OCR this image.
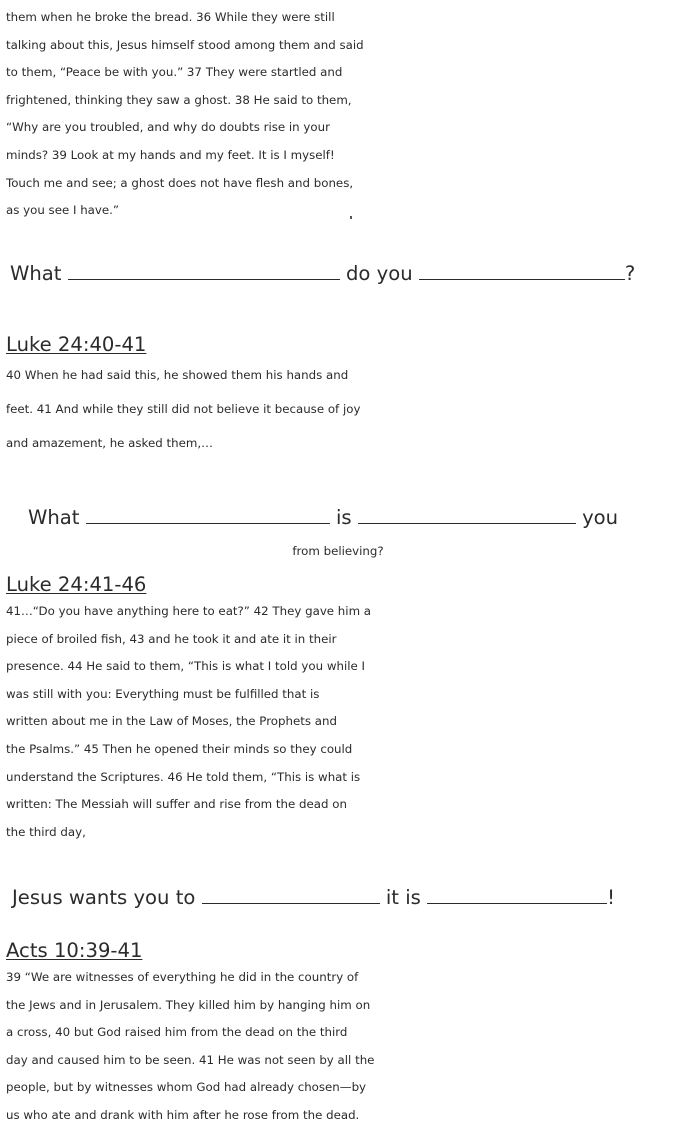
them when he broke the bread. 36 While they were still

talking about this, Jesus himself stood among them and said

to them, “Peace be with you.” 37 They were startled and

frightened, thinking they saw a ghost. 38 He said to them,

“Why are you troubled, and why do doubts rise in your

minds? 39 Look at my hands and my feet. It is I myself!

Touch me and see; a ghost does not have flesh and bones,

as you see I have.”

What	do you	?

Luke 24:40-41

40 When he had said this, he showed them his hands and

feet. 41 And while they still did not believe it because of joy

and amazement, he asked them,…

What	is	you
from believing?

Luke 24:41-46

41…“Do you have anything here to eat?” 42 They gave him a

piece of broiled fish, 43 and he took it and ate it in their

presence. 44 He said to them, “This is what I told you while I

was still with you: Everything must be fulfilled that is

written about me in the Law of Moses, the Prophets and

the Psalms.” 45 Then he opened their minds so they could

understand the Scriptures. 46 He told them, “This is what is

written: The Messiah will suffer and rise from the dead on

the third day,

Jesus wants you to	it is	!

Acts 10:39-41

39 “We are witnesses of everything he did in the country of

the Jews and in Jerusalem. They killed him by hanging him on

a cross, 40 but God raised him from the dead on the third

day and caused him to be seen. 41 He was not seen by all the

people, but by witnesses whom God had already chosen—by

us who ate and drank with him after he rose from the dead.
